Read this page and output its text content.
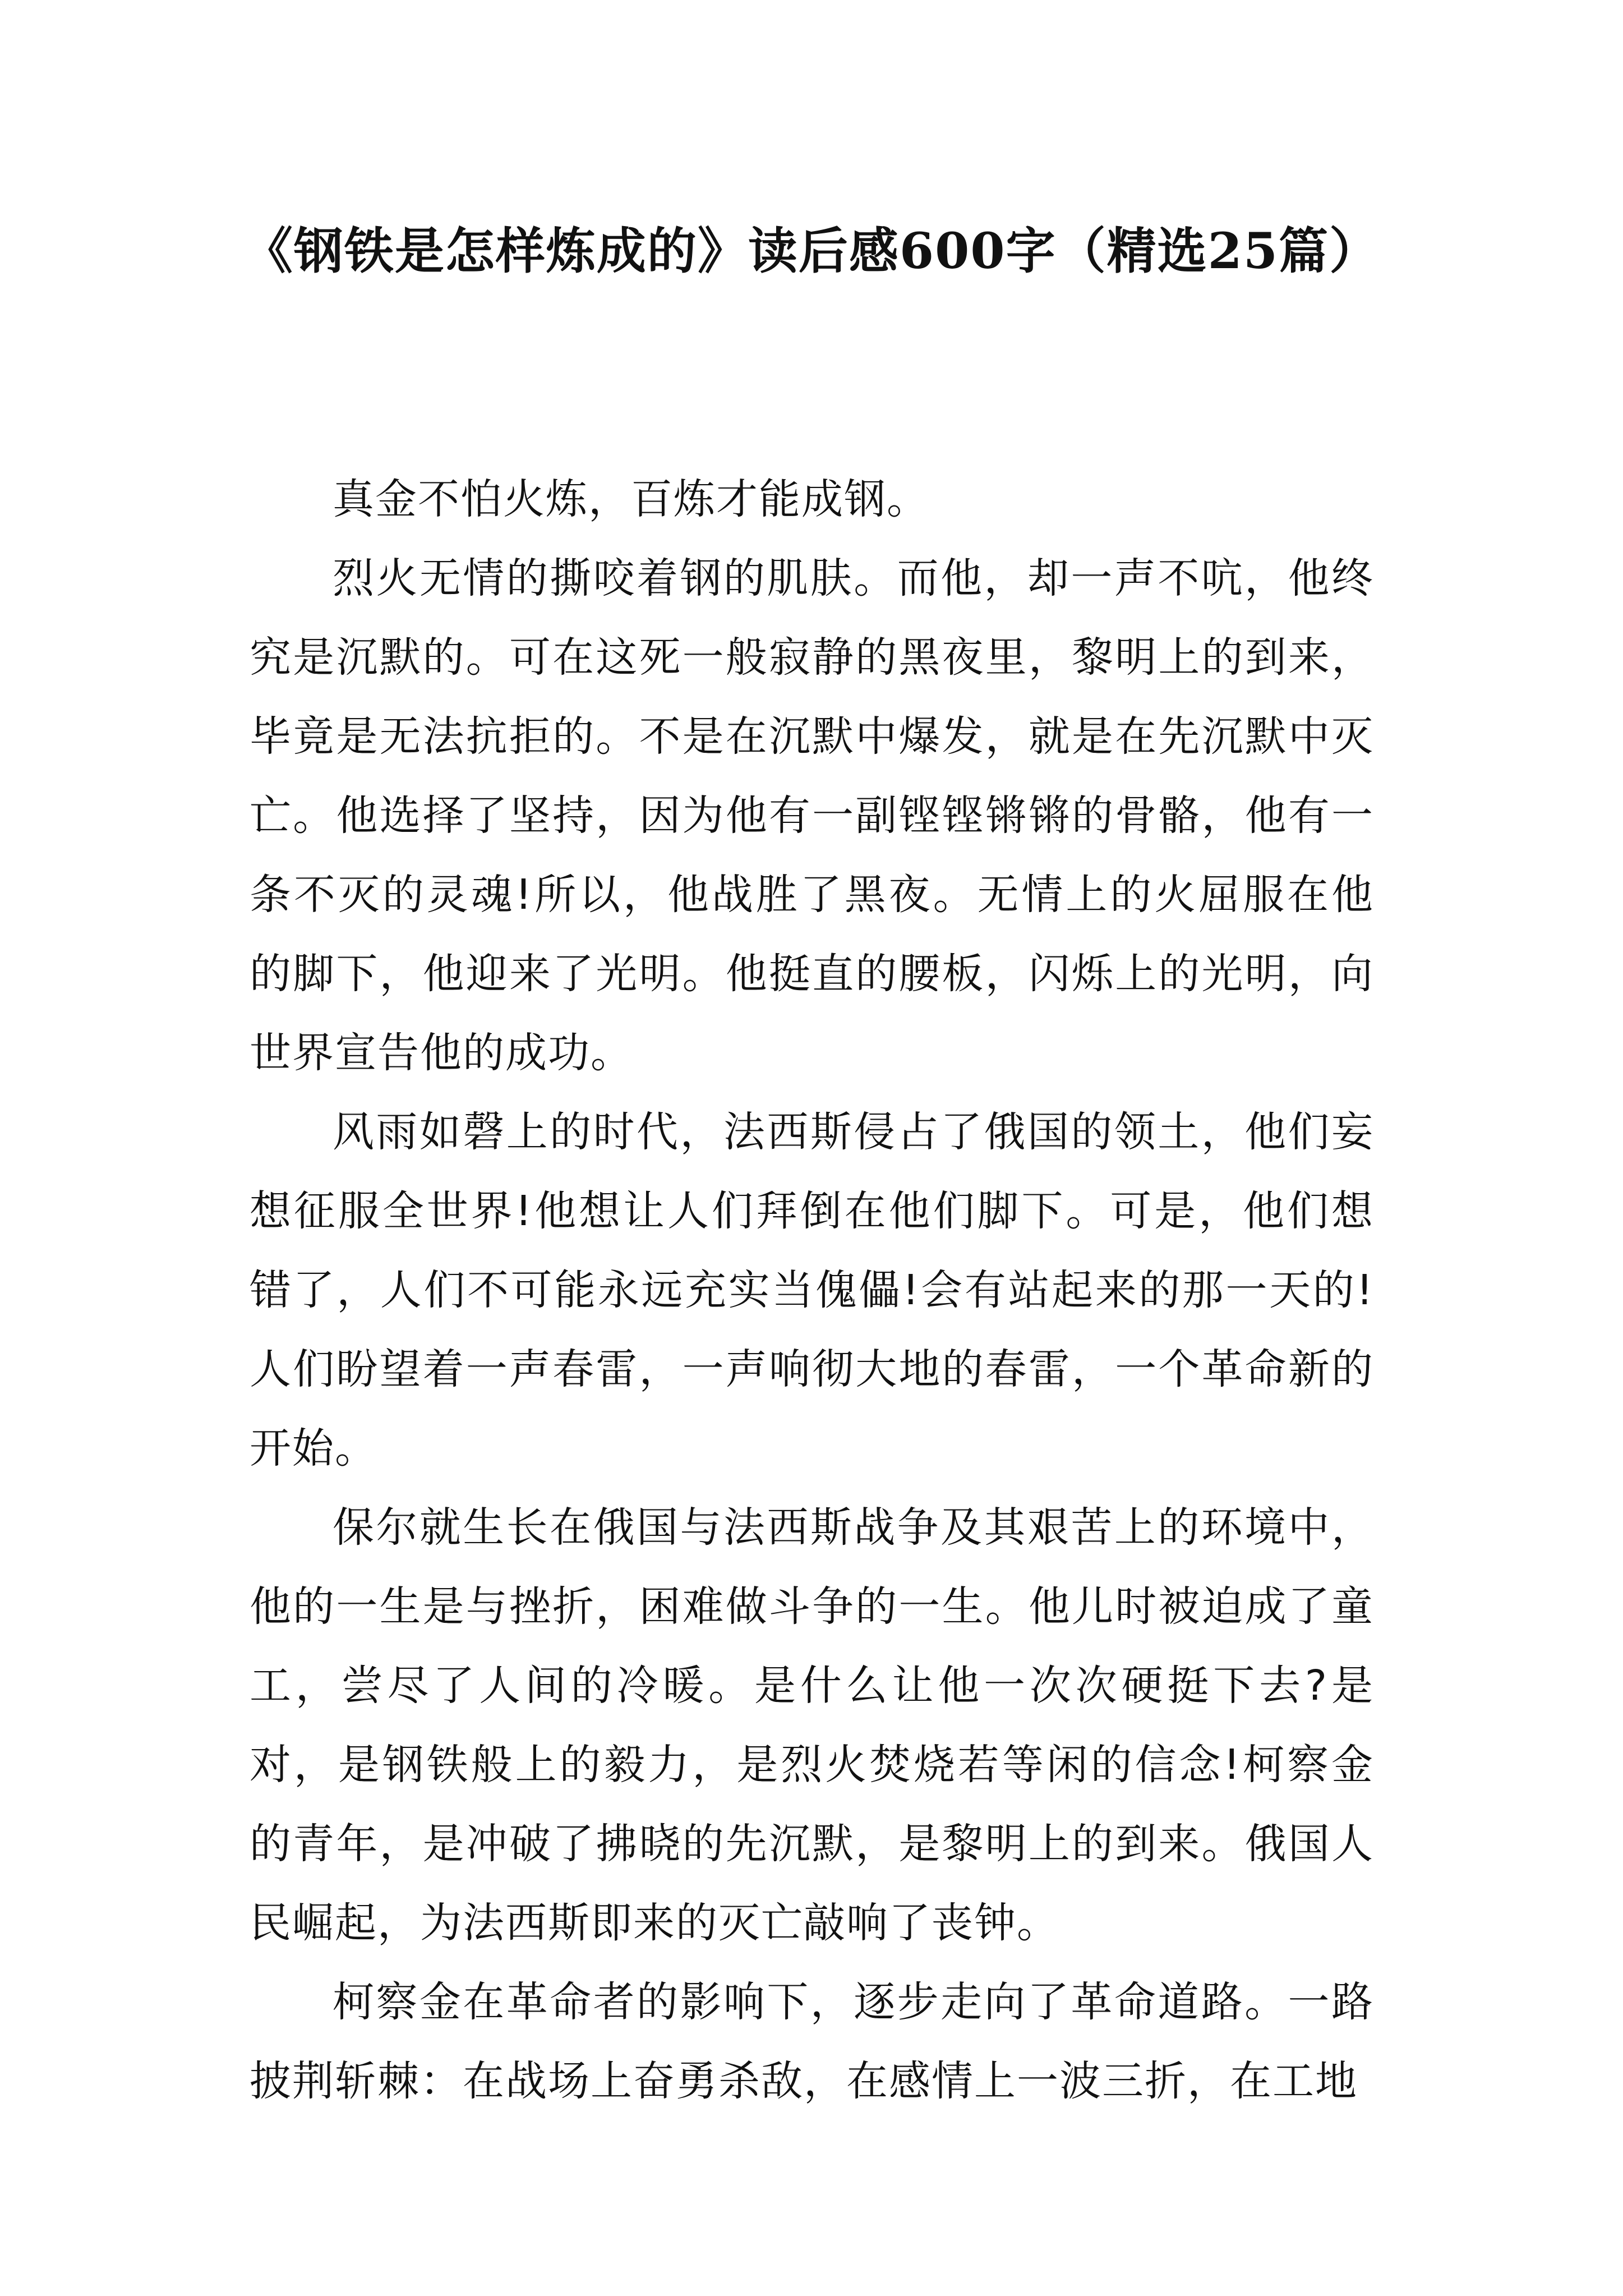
《钢铁是怎样炼成的》读后感600字（精选25篇）

真金不怕火炼，百炼才能成钢。

烈火无情的撕咬着钢的肌肤。而他，却一声不吭，他终究是沉默的。可在这死一般寂静的黑夜里，黎明上的到来，毕竟是无法抗拒的。不是在沉默中爆发，就是在先沉默中灭亡。他选择了坚持，因为他有一副铿铿锵锵的骨骼，他有一条不灭的灵魂!所以，他战胜了黑夜。无情上的火屈服在他的脚下，他迎来了光明。他挺直的腰板，闪烁上的光明，向世界宣告他的成功。

风雨如磬上的时代，法西斯侵占了俄国的领土，他们妄想征服全世界!他想让人们拜倒在他们脚下。可是，他们想错了，人们不可能永远充实当傀儡!会有站起来的那一天的!人们盼望着一声春雷，一声响彻大地的春雷，一个革命新的开始。

保尔就生长在俄国与法西斯战争及其艰苦上的环境中，他的一生是与挫折，困难做斗争的一生。他儿时被迫成了童工，尝尽了人间的冷暖。是什么让他一次次硬挺下去?是对，是钢铁般上的毅力，是烈火焚烧若等闲的信念!柯察金的青年，是冲破了拂晓的先沉默，是黎明上的到来。俄国人民崛起，为法西斯即来的灭亡敲响了丧钟。

柯察金在革命者的影响下，逐步走向了革命道路。一路披荆斩棘：在战场上奋勇杀敌，在感情上一波三折，在工地
